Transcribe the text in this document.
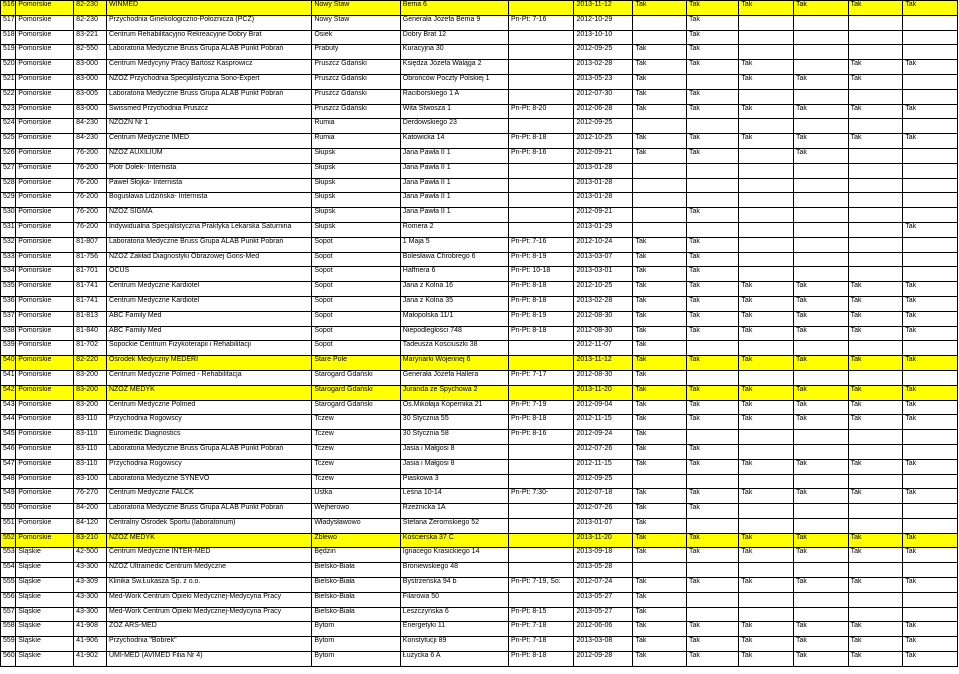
516	Pomorskie	82-230	WINMED	Nowy Staw	Bema 6		2013-11-12	Tak	Tak	Tak	Tak	Tak	Tak
517	Pomorskie	82-230	Przychodnia Ginekologiczno-Położnicza (PCZ)	Nowy Staw	Generała Józefa Bema 9	Pn-Pt: 7-16	2012-10-29		Tak				
518	Pomorskie	83-221	Centrum Rehabilitacyjno Rekreacyjne Dobry Brat	Osiek	Dobry Brat 12		2013-10-10		Tak				
519	Pomorskie	82-550	Laboratoria Medyczne Bruss Grupa ALAB Punkt Pobrań	Prabuty	Kuracyjna 30		2012-09-25	Tak	Tak				
520	Pomorskie	83-000	Centrum Medycyny Pracy Bartosz Kasprowicz	Pruszcz Gdański	Księdza Józefa Waląga 2		2013-02-28	Tak	Tak	Tak		Tak	Tak
521	Pomorskie	83-000	NZOZ Przychodnia Specjalistyczna Sono-Expert	Pruszcz Gdański	Obrońców Poczty Polskiej 1		2013-05-23	Tak		Tak	Tak	Tak	
522	Pomorskie	83-005	Laboratoria Medyczne Bruss Grupa ALAB Punkt Pobrań	Pruszcz Gdański	Raciborskiego 1 A		2012-07-30	Tak	Tak				
523	Pomorskie	83-000	Swissmed Przychodnia Pruszcz	Pruszcz Gdański	Wita Stwosza 1	Pn-Pt: 8-20	2012-06-28	Tak	Tak	Tak	Tak	Tak	Tak
524	Pomorskie	84-230	NZOZN Nr 1	Rumia	Derdowskiego 23		2012-09-25						
525	Pomorskie	84-230	Centrum Medyczne IMED	Rumia	Katowicka 14	Pn-Pt: 8-18	2012-10-25	Tak	Tak	Tak	Tak	Tak	Tak
526	Pomorskie	76-200	NZOZ AUXILIUM	Słupsk	Jana Pawła II 1	Pn-Pt: 8-16	2012-09-21	Tak	Tak		Tak		
527	Pomorskie	76-200	Piotr Dołek- Internista	Słupsk	Jana Pawła II 1		2013-01-28						
528	Pomorskie	76-200	Paweł Słojka- Internista	Słupsk	Jana Pawła II 1		2013-01-28						
529	Pomorskie	76-200	Bogusława Lidzińska- Internista	Słupsk	Jana Pawła II 1		2013-01-28						
530	Pomorskie	76-200	NZOZ SIGMA	Słupsk	Jana Pawła II 1		2012-09-21		Tak				
531	Pomorskie	76-200	Indywidualna Specjalistyczna Praktyka Lekarska Saturnina	Słupsk	Romera 2		2013-01-29						Tak
532	Pomorskie	81-807	Laboratoria Medyczne Bruss Grupa ALAB Punkt Pobrań	Sopot	1 Maja 5	Pn-Pt: 7-16	2012-10-24	Tak	Tak				
533	Pomorskie	81-756	NZOZ Zakład Diagnostyki Obrazowej Goris-Med	Sopot	Bolesława Chrobrego 6	Pn-Pt: 8-19	2013-03-07	Tak	Tak				
534	Pomorskie	81-701	OCUS	Sopot	Haffnera 6	Pn-Pt: 10-18	2013-03-01	Tak	Tak				
535	Pomorskie	81-741	Centrum Medyczne Kardiotel	Sopot	Jana z Kolna 16	Pn-Pt: 8-18	2012-10-25	Tak	Tak	Tak	Tak	Tak	Tak
536	Pomorskie	81-741	Centrum Medyczne Kardiotel	Sopot	Jana z Kolna 35	Pn-Pt: 8-18	2013-02-28	Tak	Tak	Tak	Tak	Tak	Tak
537	Pomorskie	81-813	ABC Family Med	Sopot	Małopolska 11/1	Pn-Pt: 8-19	2012-08-30	Tak	Tak	Tak	Tak	Tak	Tak
538	Pomorskie	81-840	ABC Family Med	Sopot	Niepodległości 748	Pn-Pt: 8-18	2012-08-30	Tak	Tak	Tak	Tak	Tak	Tak
539	Pomorskie	81-702	Sopockie Centrum Fizykoterapii i Rehabilitacji	Sopot	Tadeusza Kościuszki 38		2012-11-07	Tak					
540	Pomorskie	82-220	Ośrodek Medyczny MEDERI	Stare Pole	Marynarki Wojennej 6		2013-11-12	Tak	Tak	Tak	Tak	Tak	Tak
541	Pomorskie	83-200	Centrum Medyczne Polmed - Rehabilitacja	Starogard Gdański	Generała Józefa Hallera	Pn-Pt: 7-17	2012-08-30	Tak					
542	Pomorskie	83-200	NZOZ MEDYK	Starogard Gdański	Juranda ze Spychowa 2		2013-11-20	Tak	Tak	Tak	Tak	Tak	Tak
543	Pomorskie	83-200	Centrum Medyczne Polmed	Starogard Gdański	Os.Mikołaja Kopernika 21	Pn-Pt: 7-19	2012-09-04	Tak	Tak	Tak	Tak	Tak	Tak
544	Pomorskie	83-110	Przychodnia Rogowscy	Tczew	30 Stycznia 55	Pn-Pt: 8-18	2012-11-15	Tak	Tak	Tak	Tak	Tak	Tak
545	Pomorskie	83-110	Euromedic Diagnostics	Tczew	30 Stycznia 58	Pn-Pt: 8-16	2012-09-24	Tak					
546	Pomorskie	83-110	Laboratoria Medyczne Bruss Grupa ALAB Punkt Pobrań	Tczew	Jasia i Małgosi 8		2012-07-26	Tak	Tak				
547	Pomorskie	83-110	Przychodnia Rogowscy	Tczew	Jasia i Małgosi 8		2012-11-15	Tak	Tak	Tak	Tak	Tak	Tak
548	Pomorskie	83-100	Laboratoria Medyczne SYNEVO	Tczew	Piaskowa 3		2012-09-25						
549	Pomorskie	76-270	Centrum Medyczne FALCK	Ustka	Leśna 10-14	Pn-Pt: 7:30-	2012-07-18	Tak	Tak	Tak	Tak	Tak	Tak
550	Pomorskie	84-200	Laboratoria Medyczne Bruss Grupa ALAB Punkt Pobrań	Wejherowo	Rzeźnicka 1A		2012-07-26	Tak	Tak				
551	Pomorskie	84-120	Centralny Ośrodek Sportu (laboratorium)	Władysławowo	Stefana Żeromskiego 52		2013-01-07	Tak					
552	Pomorskie	83-210	NZOZ MEDYK	Zblewo	Kościerska 37 C		2013-11-20	Tak	Tak	Tak	Tak	Tak	Tak
553	Śląskie	42-500	Centrum Medyczne INTER-MED	Będzin	Ignacego Krasickiego 14		2013-09-18	Tak	Tak	Tak	Tak	Tak	Tak
554	Śląskie	43-300	NZOZ Ultramedic Centrum Medyczne	Bielsko-Biała	Broniewskiego 48		2013-05-28						
555	Śląskie	43-309	Klinika Św.Łukasza Sp. z o.o.	Bielsko-Biała	Bystrzeńska 94 b	Pn-Pt: 7-19, So:	2012-07-24	Tak	Tak	Tak	Tak	Tak	Tak
556	Śląskie	43-300	Med-Work Centrum Opieki Medycznej-Medycyna Pracy	Bielsko-Biała	Filarowa 50		2013-05-27	Tak					
557	Śląskie	43-300	Med-Work Centrum Opieki Medycznej-Medycyna Pracy	Bielsko-Biała	Leszczyńska 6	Pn-Pt: 8-15	2013-05-27	Tak					
558	Śląskie	41-908	ZOZ ARS-MED	Bytom	Energetyki 11	Pn-Pt: 7-18	2012-06-06	Tak	Tak	Tak	Tak	Tak	Tak
559	Śląskie	41-906	Przychodnia "Bobrek"	Bytom	Konstytucji 89	Pn-Pt: 7-18	2013-03-08	Tak	Tak	Tak	Tak	Tak	Tak
560	Śląskie	41-902	UMI-MED (AVIMED Filia Nr 4)	Bytom	Łużycka 6 A	Pn-Pt: 8-18	2012-09-28	Tak	Tak	Tak	Tak	Tak	Tak
